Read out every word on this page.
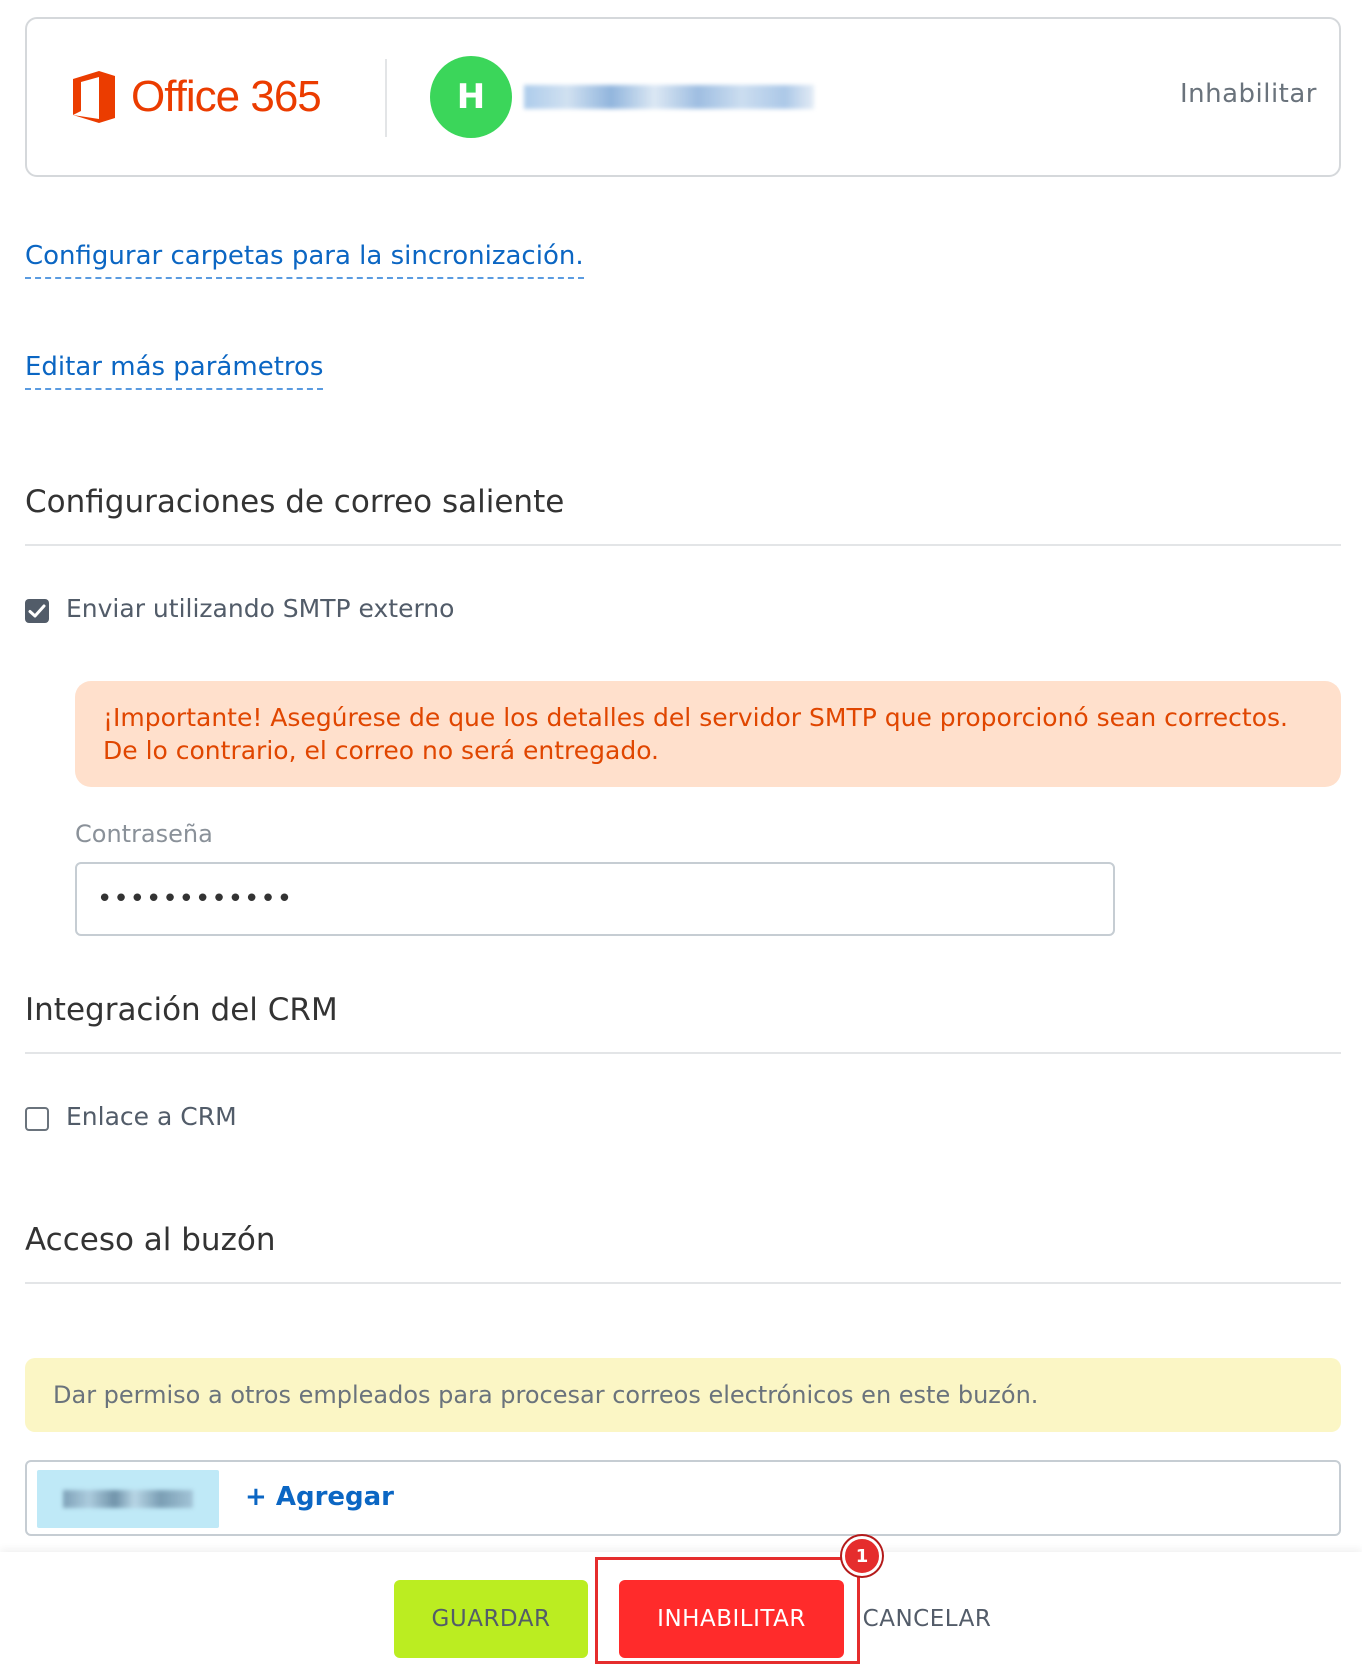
Office 365	H	Inhabilitar
Configurar carpetas para la sincronización.
Editar más parámetros
Configuraciones de correo saliente
Enviar utilizando SMTP externo
¡Importante! Asegúrese de que los detalles del servidor SMTP que proporcionó sean correctos. De lo contrario, el correo no será entregado.
Contraseña
••••••••••••
Integración del CRM
Enlace a CRM
Acceso al buzón
Dar permiso a otros empleados para procesar correos electrónicos en este buzón.
+ Agregar
GUARDAR	INHABILITAR	CANCELAR
1
